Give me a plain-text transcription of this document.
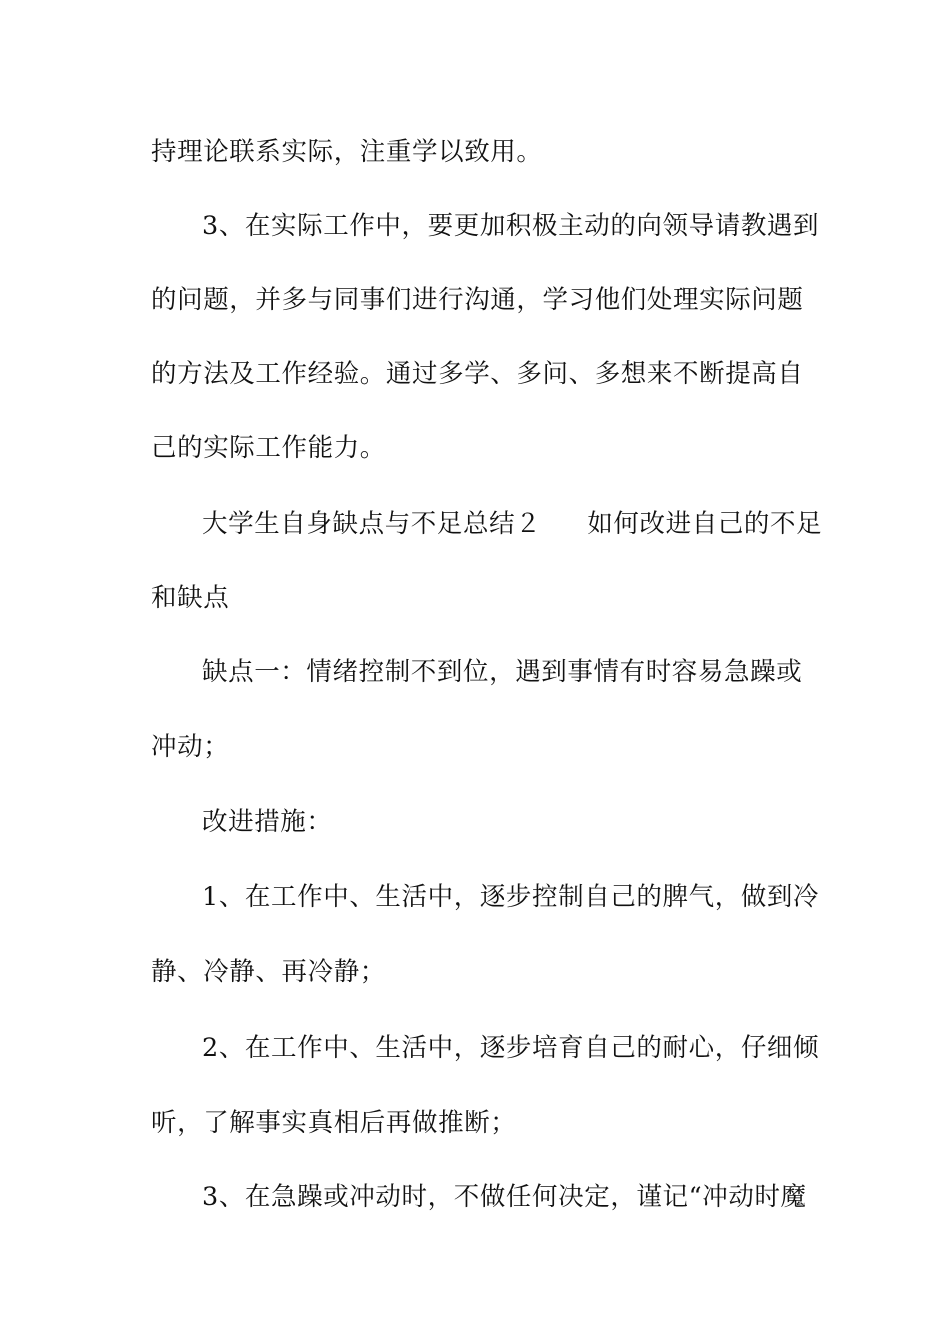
持理论联系实际，注重学以致用。
3、在实际工作中，要更加积极主动的向领导请教遇到
的问题，并多与同事们进行沟通，学习他们处理实际问题
的方法及工作经验。通过多学、多问、多想来不断提高自
己的实际工作能力。
大学生自身缺点与不足总结２ 如何改进自己的不足
和缺点
缺点一：情绪控制不到位，遇到事情有时容易急躁或
冲动；
改进措施：
1、在工作中、生活中，逐步控制自己的脾气，做到冷
静、冷静、再冷静；
2、在工作中、生活中，逐步培育自己的耐心，仔细倾
听，了解事实真相后再做推断；
3、在急躁或冲动时，不做任何决定，谨记“冲动时魔
